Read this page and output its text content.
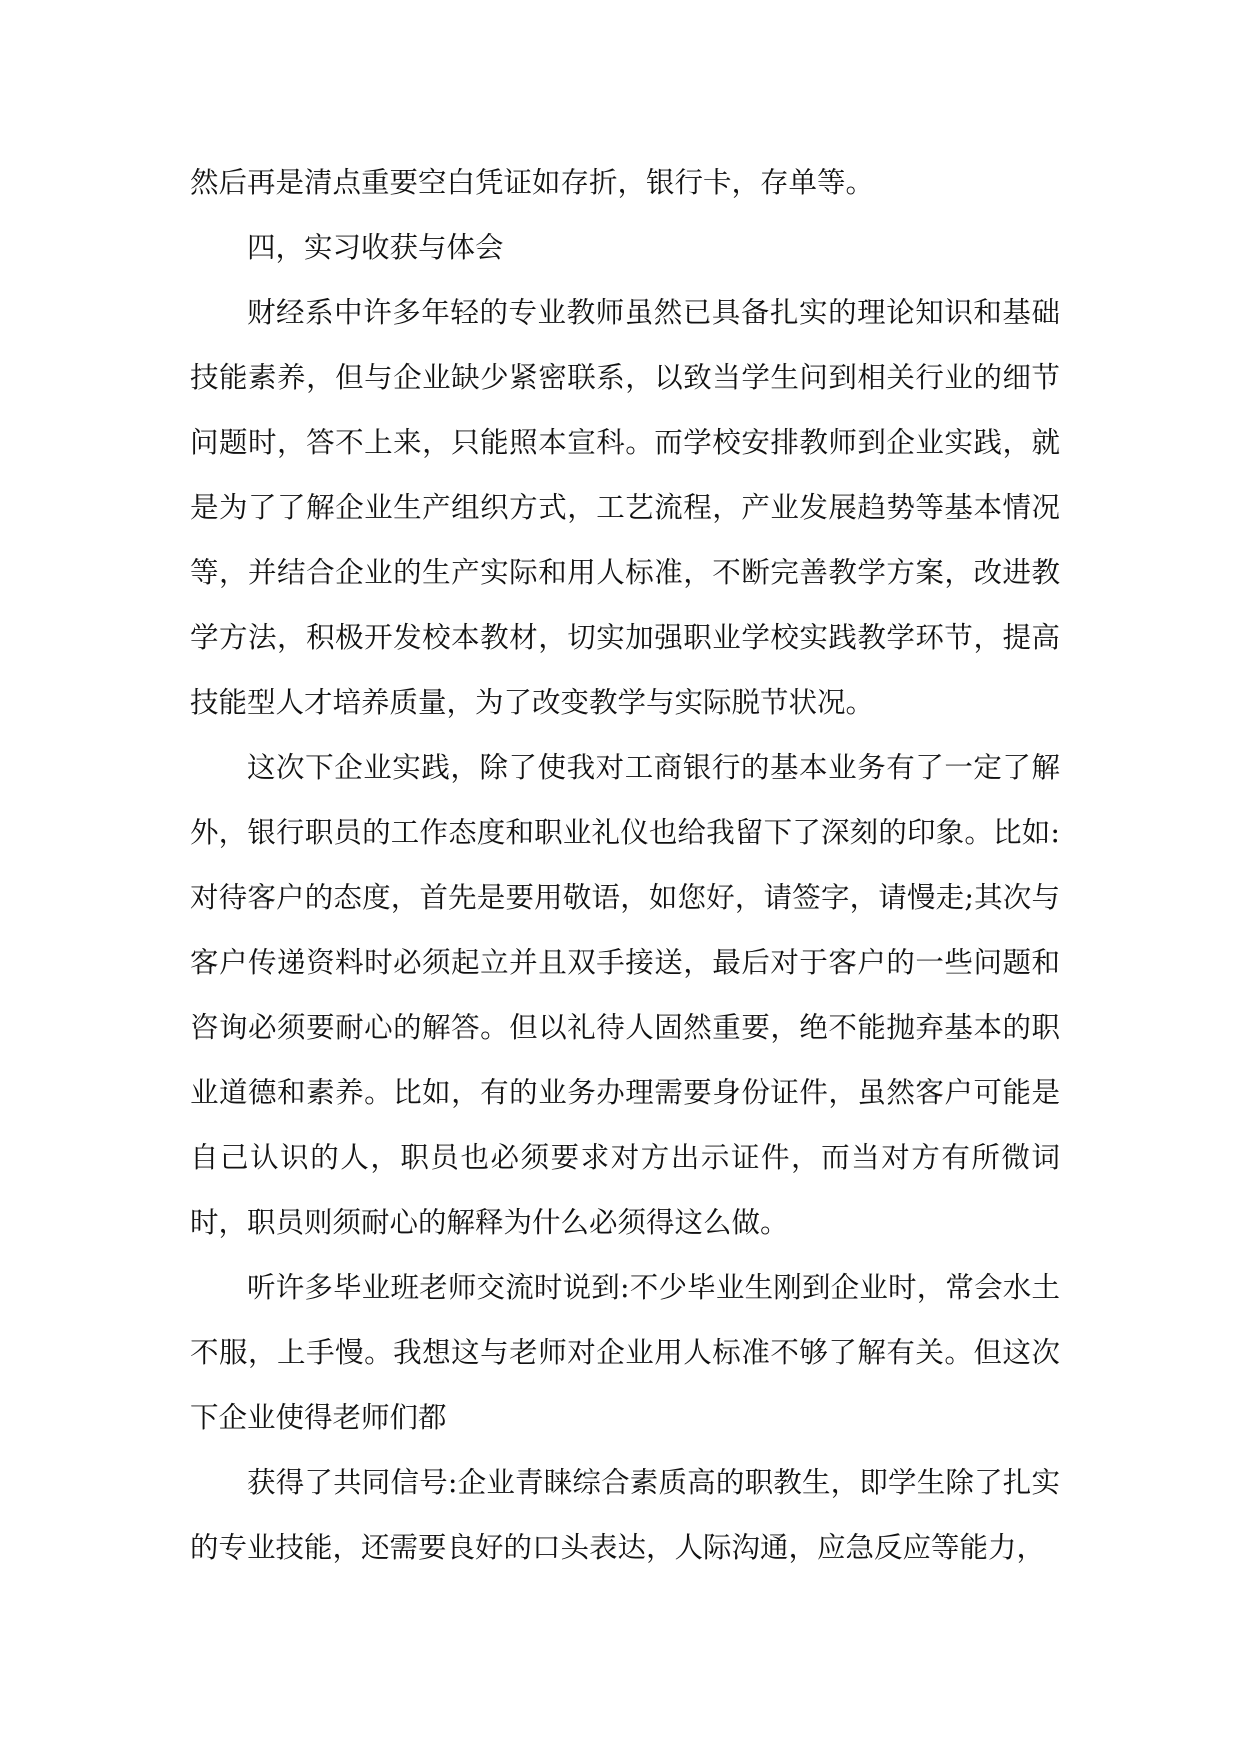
然后再是清点重要空白凭证如存折，银行卡，存单等。

四，实习收获与体会

财经系中许多年轻的专业教师虽然已具备扎实的理论知识和基础技能素养，但与企业缺少紧密联系，以致当学生问到相关行业的细节问题时，答不上来，只能照本宣科。而学校安排教师到企业实践，就是为了了解企业生产组织方式，工艺流程，产业发展趋势等基本情况等，并结合企业的生产实际和用人标准，不断完善教学方案，改进教学方法，积极开发校本教材，切实加强职业学校实践教学环节，提高技能型人才培养质量，为了改变教学与实际脱节状况。

这次下企业实践，除了使我对工商银行的基本业务有了一定了解外，银行职员的工作态度和职业礼仪也给我留下了深刻的印象。比如:对待客户的态度，首先是要用敬语，如您好，请签字，请慢走;其次与客户传递资料时必须起立并且双手接送，最后对于客户的一些问题和咨询必须要耐心的解答。但以礼待人固然重要，绝不能抛弃基本的职业道德和素养。比如，有的业务办理需要身份证件，虽然客户可能是自己认识的人，职员也必须要求对方出示证件，而当对方有所微词时，职员则须耐心的解释为什么必须得这么做。

听许多毕业班老师交流时说到:不少毕业生刚到企业时，常会水土不服，上手慢。我想这与老师对企业用人标准不够了解有关。但这次下企业使得老师们都

获得了共同信号:企业青睐综合素质高的职教生，即学生除了扎实的专业技能，还需要良好的口头表达，人际沟通，应急反应等能力，
